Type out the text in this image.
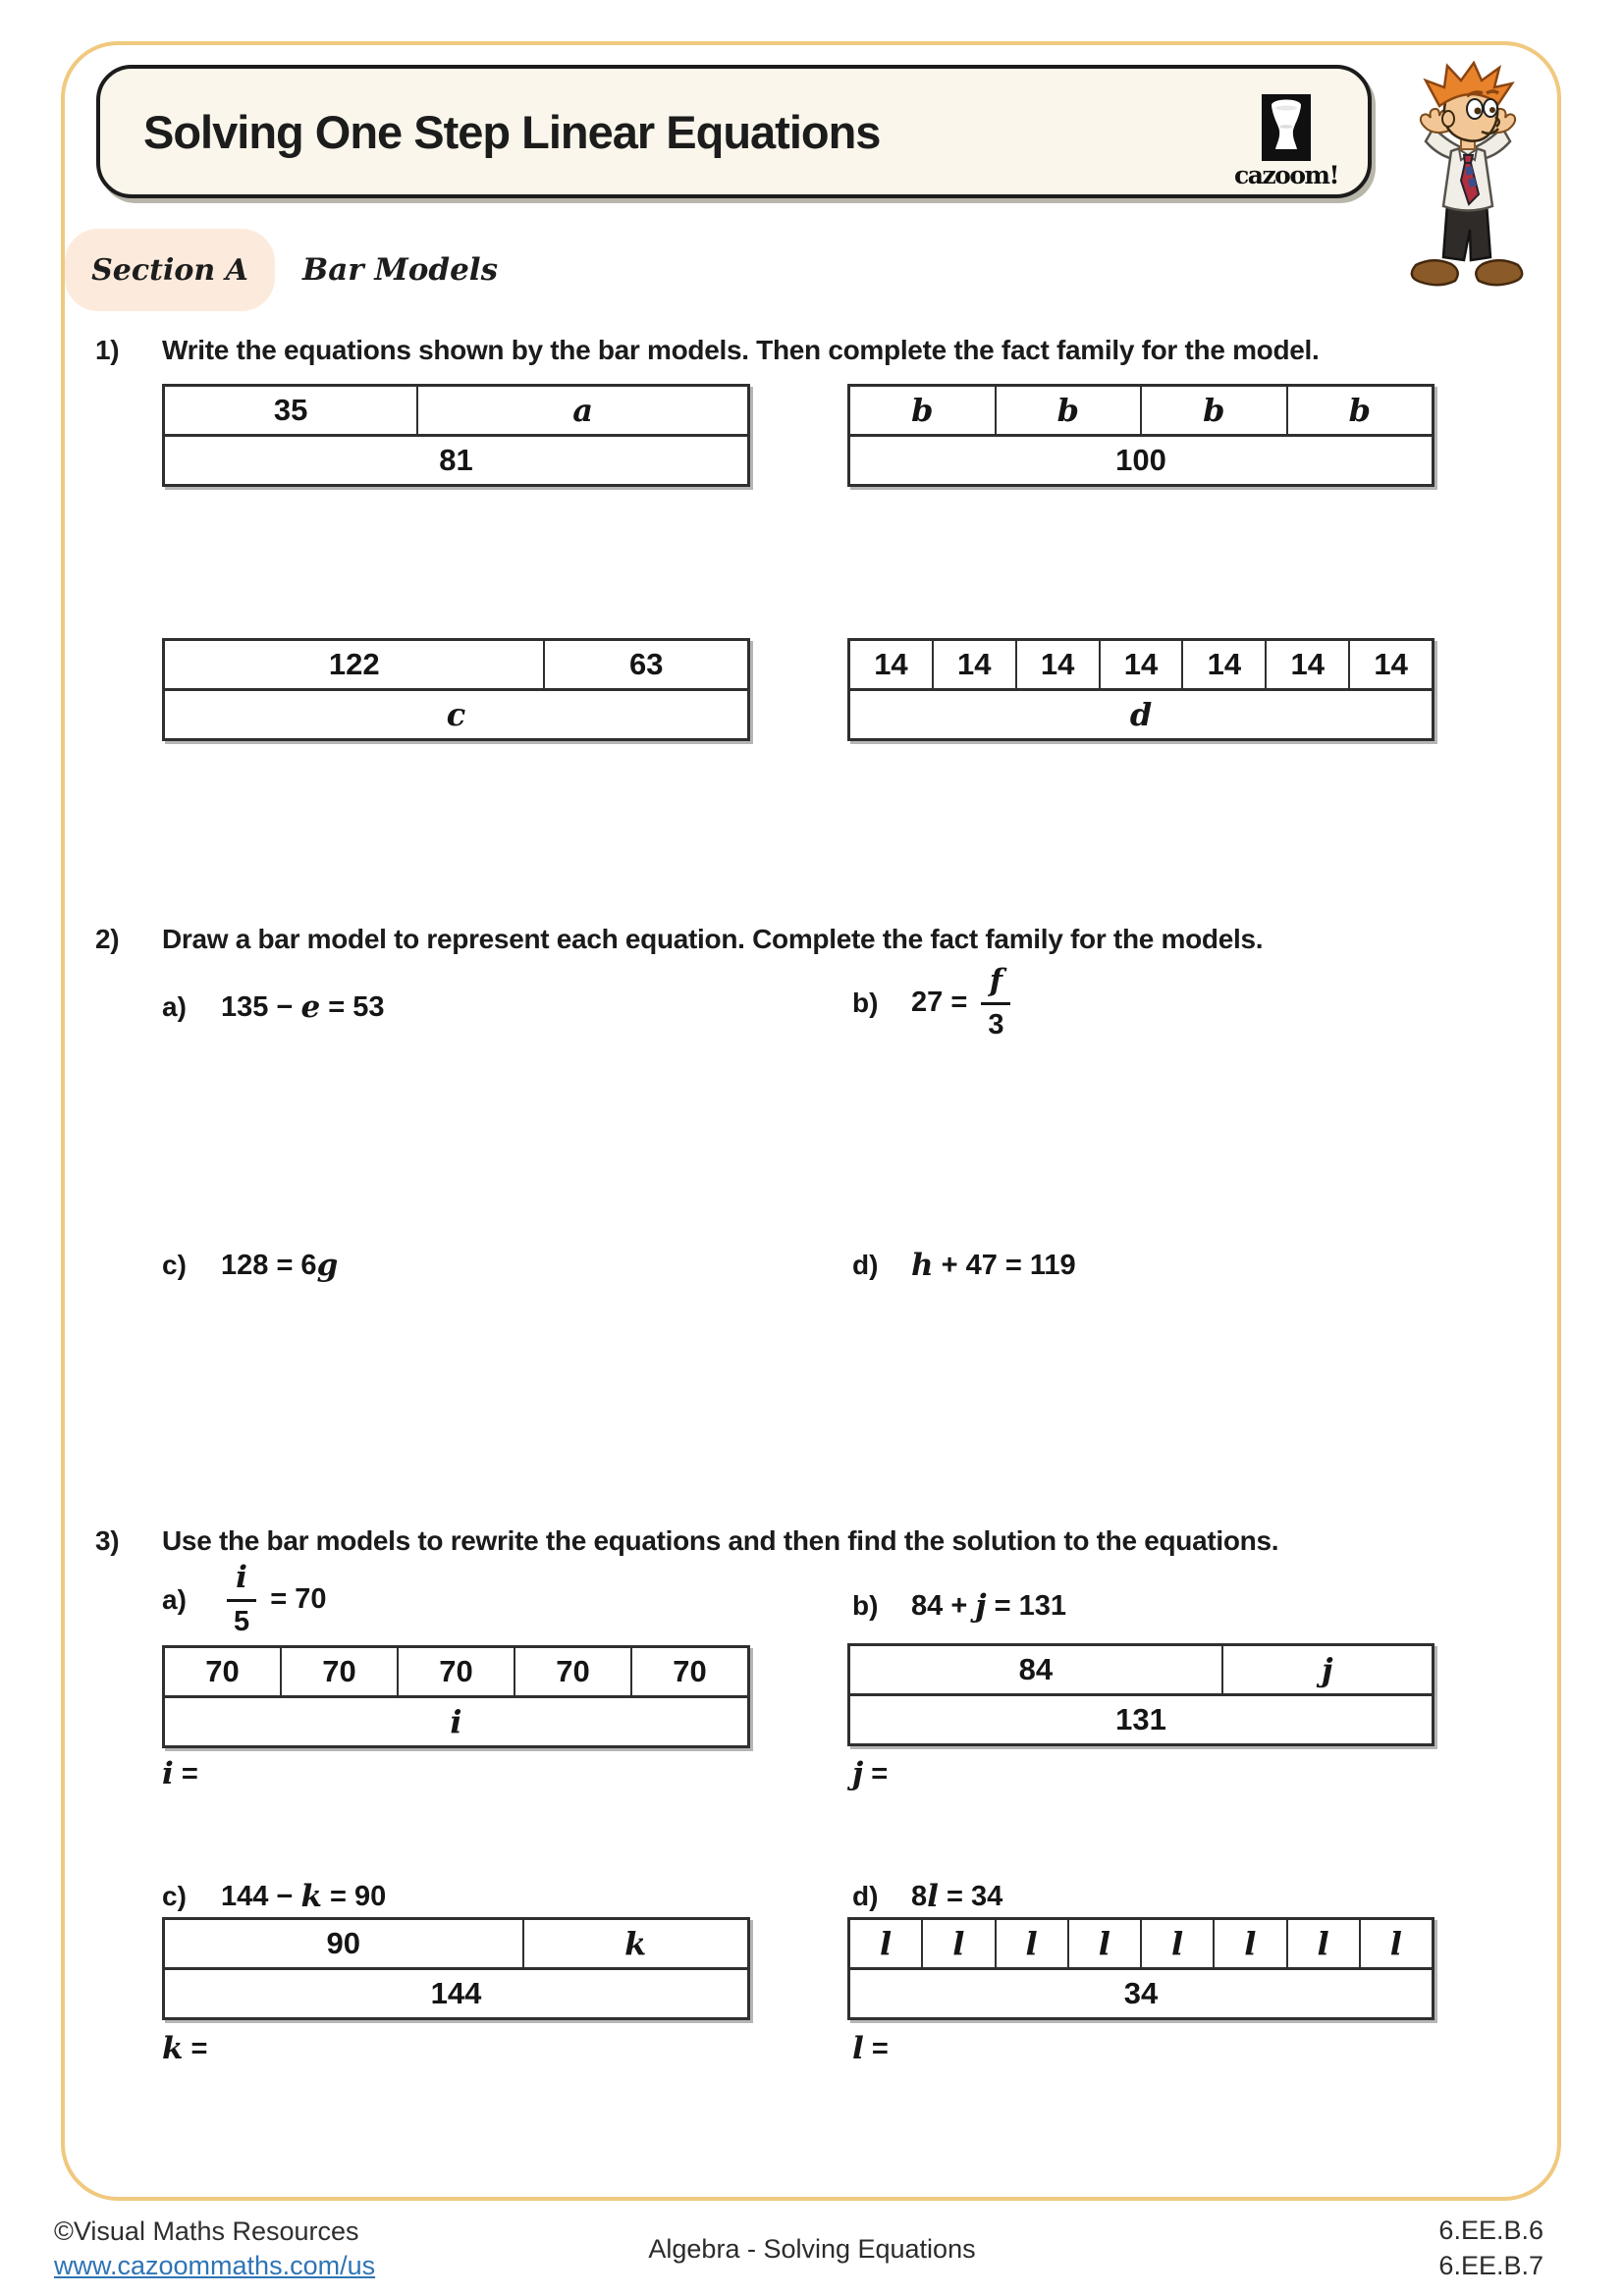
Solving One Step Linear Equations
cazoom!
Section A Bar Models
1)	Write the equations shown by the bar models. Then complete the fact family for the model.
35	a
81
b	b	b	b
100
122	63
c
14	14	14	14	14	14	14
d
2)	Draw a bar model to represent each equation. Complete the fact family for the models.
a)	135 − e = 53	b)	$27 = \frac{f}{3}$
c)	128 = 6 g	d)	h + 47 = 119
3)	Use the bar models to rewrite the equations and then find the solution to the equations.
a)	$\frac{i}{5} = 70$	b)	84 + j = 131
70	70	70	70	70
i
84	j
131
i =	j =
c)	144 − k = 90	d)	8 l = 34
90	k
144
l	l	l	l	l	l	l	l
34
k =	l =
©Visual Maths Resources
www.cazoommaths.com/us
Algebra - Solving Equations
6.EE.B.6
6.EE.B.7
